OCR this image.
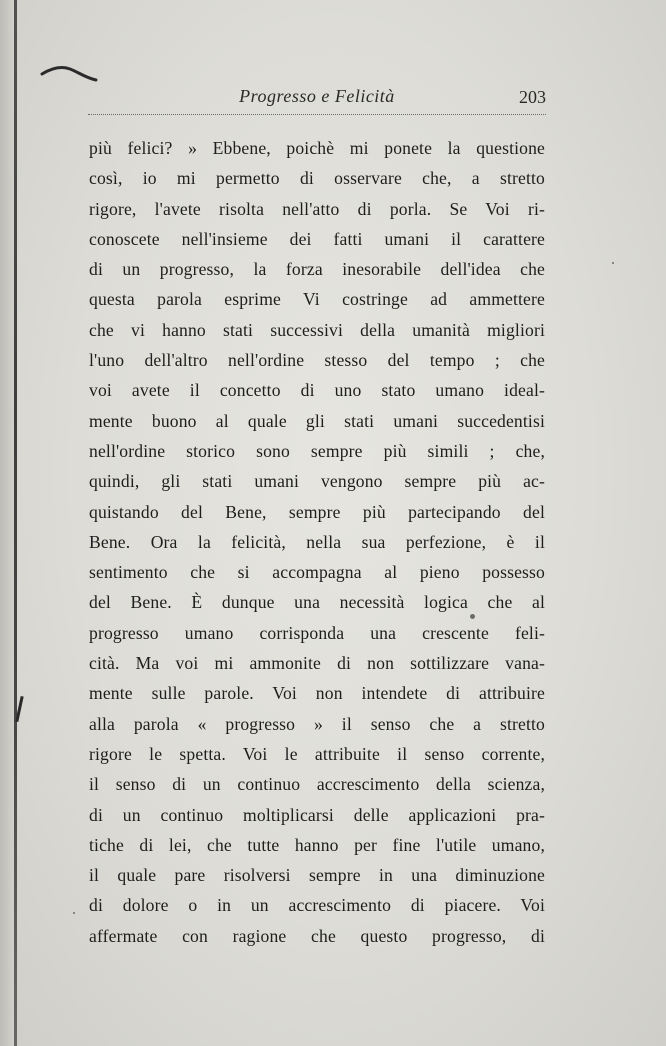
Progresso e Felicità	203
più felici? » Ebbene, poichè mi ponete la questione
così, io mi permetto di osservare che, a stretto
rigore, l'avete risolta nell'atto di porla. Se Voi ri-
conoscete nell'insieme dei fatti umani il carattere
di un progresso, la forza inesorabile dell'idea che
questa parola esprime Vi costringe ad ammettere
che vi hanno stati successivi della umanità migliori
l'uno dell'altro nell'ordine stesso del tempo ; che
voi avete il concetto di uno stato umano ideal-
mente buono al quale gli stati umani succedentisi
nell'ordine storico sono sempre più simili ; che,
quindi, gli stati umani vengono sempre più ac-
quistando del Bene, sempre più partecipando del
Bene. Ora la felicità, nella sua perfezione, è il
sentimento che si accompagna al pieno possesso
del Bene. È dunque una necessità logica che al
progresso umano corrisponda una crescente feli-
cità. Ma voi mi ammonite di non sottilizzare vana-
mente sulle parole. Voi non intendete di attribuire
alla parola « progresso » il senso che a stretto
rigore le spetta. Voi le attribuite il senso corrente,
il senso di un continuo accrescimento della scienza,
di un continuo moltiplicarsi delle applicazioni pra-
tiche di lei, che tutte hanno per fine l'utile umano,
il quale pare risolversi sempre in una diminuzione
di dolore o in un accrescimento di piacere. Voi
affermate con ragione che questo progresso, di
